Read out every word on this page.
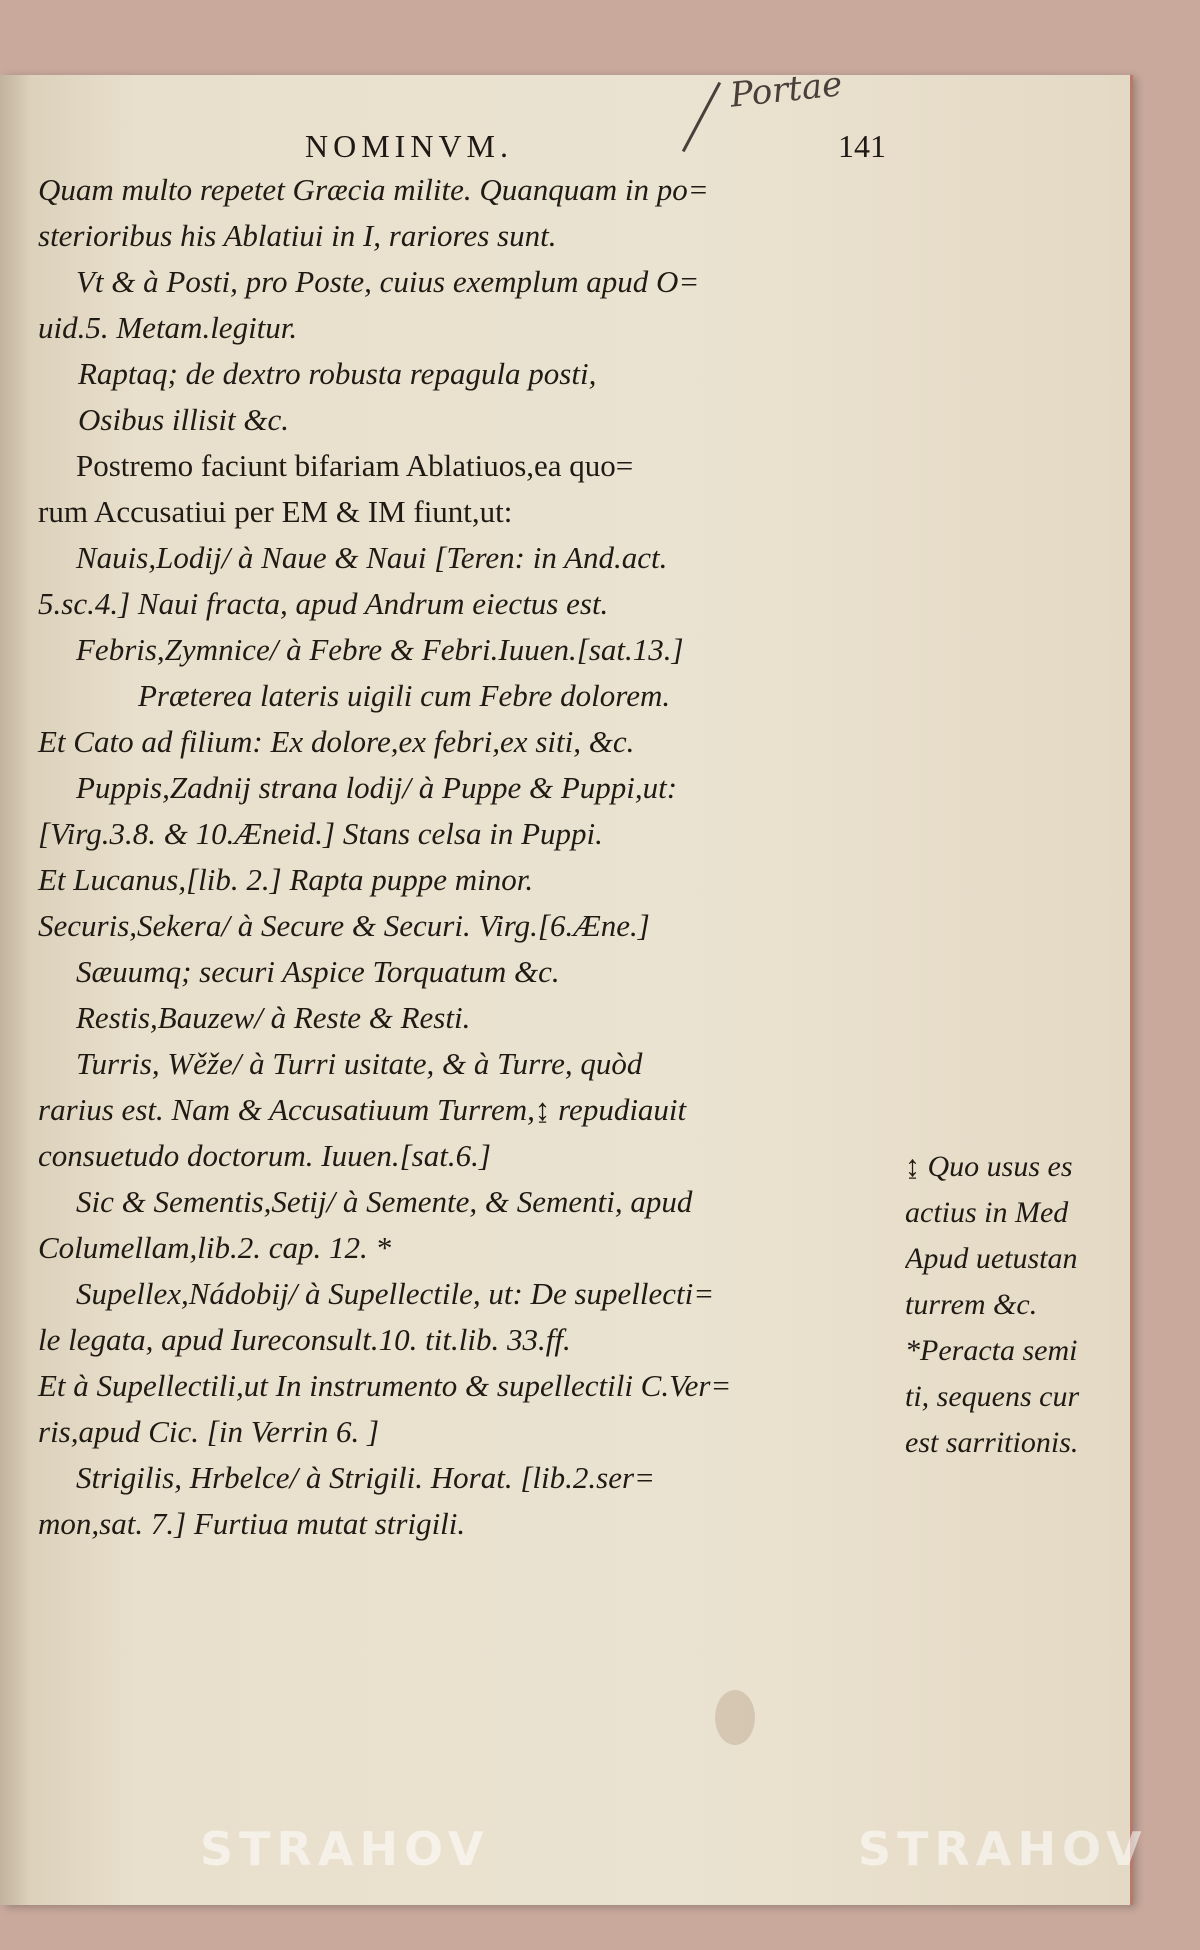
NOMINVM.	141
Portae
Quam multo repetet Græcia milite. Quanquam in po=
sterioribus his Ablatiui in I, rariores sunt.
Vt & à Posti, pro Poste, cuius exemplum apud O=
uid.5. Metam.legitur.
Raptaq; de dextro robusta repagula posti,
Osibus illisit &c.
Postremo faciunt bifariam Ablatiuos,ea quo=
rum Accusatiui per EM & IM fiunt,ut:
Nauis,Lodij/ à Naue & Naui [Teren: in And.act.
5.sc.4.] Naui fracta, apud Andrum eiectus est.
Febris,Zymnice/ à Febre & Febri.Iuuen.[sat.13.]
Præterea lateris uigili cum Febre dolorem.
Et Cato ad filium: Ex dolore,ex febri,ex siti, &c.
Puppis,Zadnij strana lodij/ à Puppe & Puppi,ut:
[Virg.3.8. & 10.Æneid.] Stans celsa in Puppi.
Et Lucanus,[lib. 2.] Rapta puppe minor.
Securis,Sekera/ à Secure & Securi. Virg.[6.Æne.]
Sæuumq; securi Aspice Torquatum &c.
Restis,Bauzew/ à Reste & Resti.
Turris, Wěže/ à Turri usitate, & à Turre, quòd
rarius est. Nam & Accusatiuum Turrem,↨ repudiauit
consuetudo doctorum. Iuuen.[sat.6.]
Sic & Sementis,Setij/ à Semente, & Sementi, apud
Columellam,lib.2. cap. 12. *
Supellex,Nádobij/ à Supellectile, ut: De supellecti=
le legata, apud Iureconsult.10. tit.lib. 33.ff.
Et à Supellectili,ut In instrumento & supellectili C.Ver=
ris,apud Cic. [in Verrin 6. ]
Strigilis, Hrbelce/ à Strigili. Horat. [lib.2.ser=
mon,sat. 7.] Furtiua mutat strigili.
↨ Quo usus es
actius in Med
Apud uetustan
turrem &c.
*Peracta semi
ti, sequens cur
est sarritionis.
STRAHOV	STRAHOV
